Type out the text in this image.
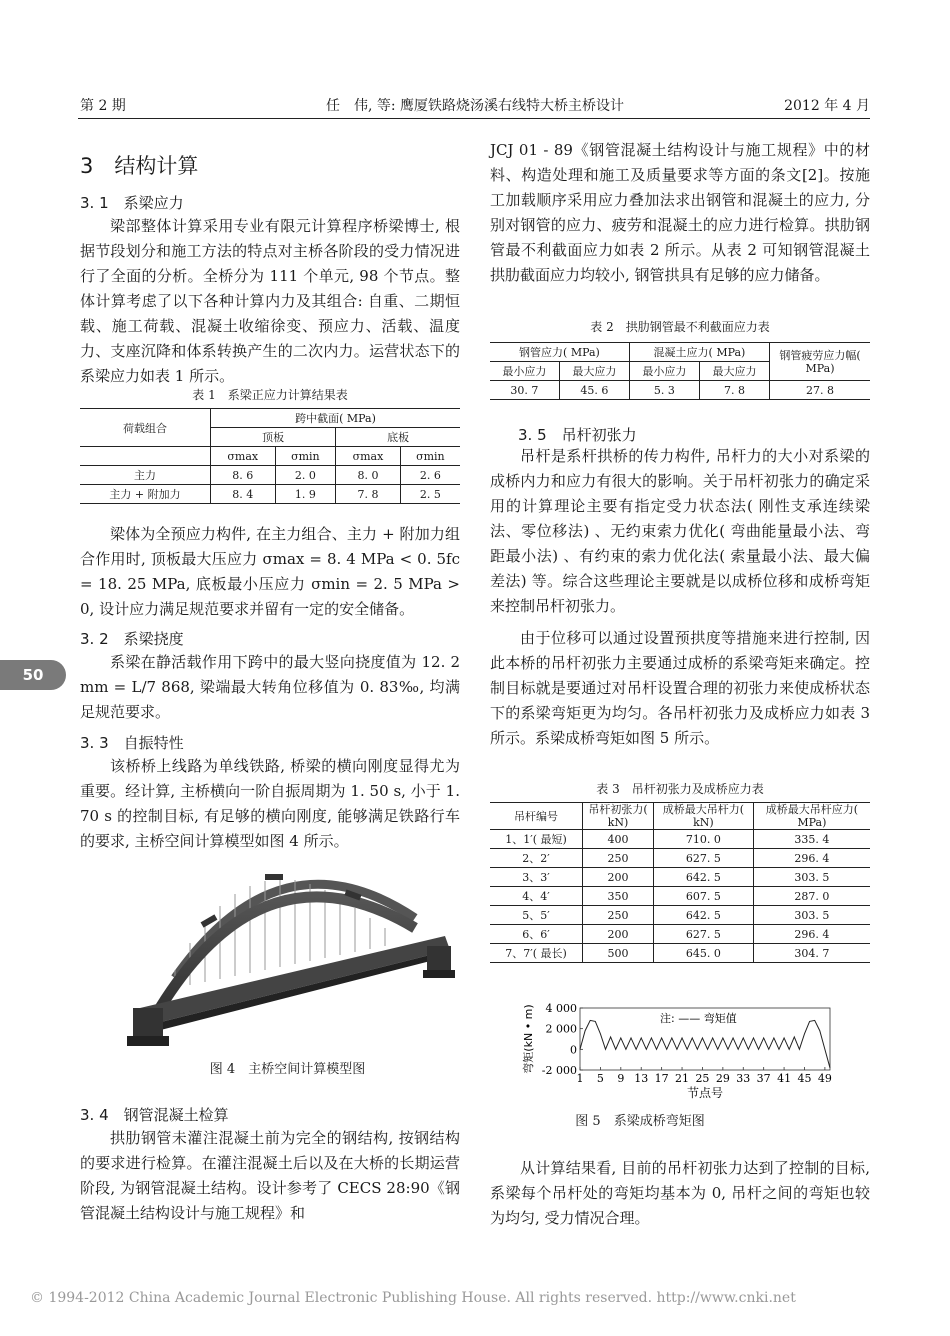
第 2 期	任　伟, 等: 鹰厦铁路烧汤溪右线特大桥主桥设计	2012 年 4 月
50
3　结构计算
3. 1　系梁应力
梁部整体计算采用专业有限元计算程序桥梁博士, 根据节段划分和施工方法的特点对主桥各阶段的受力情况进行了全面的分析。全桥分为 111 个单元, 98 个节点。整体计算考虑了以下各种计算内力及其组合: 自重、二期恒载、施工荷载、混凝土收缩徐变、预应力、活载、温度力、支座沉降和体系转换产生的二次内力。运营状态下的系梁应力如表 1 所示。
表 1　系梁正应力计算结果表
荷载组合	跨中截面( MPa)			
	顶板		底板	
	σmax	σmin	σmax	σmin
主力	8. 6	2. 0	8. 0	2. 6
主力 + 附加力	8. 4	1. 9	7. 8	2. 5
梁体为全预应力构件, 在主力组合、主力 + 附加力组合作用时, 顶板最大压应力 σmax = 8. 4 MPa < 0. 5fc = 18. 25 MPa, 底板最小压应力 σmin = 2. 5 MPa > 0, 设计应力满足规范要求并留有一定的安全储备。
3. 2　系梁挠度
系梁在静活载作用下跨中的最大竖向挠度值为 12. 2 mm = L/7 868, 梁端最大转角位移值为 0. 83‰, 均满足规范要求。
3. 3　自振特性
该桥桥上线路为单线铁路, 桥梁的横向刚度显得尤为重要。经计算, 主桥横向一阶自振周期为 1. 50 s, 小于 1. 70 s 的控制目标, 有足够的横向刚度, 能够满足铁路行车的要求, 主桥空间计算模型如图 4 所示。
图 4　主桥空间计算模型图
3. 4　钢管混凝土检算
拱肋钢管未灌注混凝土前为完全的钢结构, 按钢结构的要求进行检算。在灌注混凝土后以及在大桥的长期运营阶段, 为钢管混凝土结构。设计参考了 CECS 28:90《钢管混凝土结构设计与施工规程》和
JCJ 01 - 89《钢管混凝土结构设计与施工规程》中的材料、构造处理和施工及质量要求等方面的条文[2]。按施工加载顺序采用应力叠加法求出钢管和混凝土的应力, 分别对钢管的应力、疲劳和混凝土的应力进行检算。拱肋钢管最不利截面应力如表 2 所示。从表 2 可知钢管混凝土拱肋截面应力均较小, 钢管拱具有足够的应力储备。
表 2　拱肋钢管最不利截面应力表
钢管应力( MPa)		混凝土应力( MPa)		钢管疲劳应力幅( MPa)
最小应力	最大应力	最小应力	最大应力	
30. 7	45. 6	5. 3	7. 8	27. 8
3. 5　吊杆初张力
吊杆是系杆拱桥的传力构件, 吊杆力的大小对系梁的成桥内力和应力有很大的影响。关于吊杆初张力的确定采用的计算理论主要有指定受力状态法( 刚性支承连续梁法、零位移法) 、无约束索力优化( 弯曲能量最小法、弯距最小法) 、有约束的索力优化法( 索量最小法、最大偏差法) 等。综合这些理论主要就是以成桥位移和成桥弯矩来控制吊杆初张力。
由于位移可以通过设置预拱度等措施来进行控制, 因此本桥的吊杆初张力主要通过成桥的系梁弯矩来确定。控制目标就是要通过对吊杆设置合理的初张力来使成桥状态下的系梁弯矩更为均匀。各吊杆初张力及成桥应力如表 3 所示。系梁成桥弯矩如图 5 所示。
表 3　吊杆初张力及成桥应力表
吊杆编号	吊杆初张力( kN)	成桥最大吊杆力( kN)	成桥最大吊杆应力( MPa)
1、1′( 最短)	400	710. 0	335. 4
2、2′	250	627. 5	296. 4
3、3′	200	642. 5	303. 5
4、4′	350	607. 5	287. 0
5、5′	250	642. 5	303. 5
6、6′	200	627. 5	296. 4
7、7′( 最长)	500	645. 0	304. 7
4 000
2 000
0
-2 000
1 5 9 13 17 21 25 29 33 37 41 45 49
注: —— 弯矩值
节点号
弯矩(kN • m)
图 5　系梁成桥弯矩图
从计算结果看, 目前的吊杆初张力达到了控制的目标, 系梁每个吊杆处的弯矩均基本为 0, 吊杆之间的弯矩也较为均匀, 受力情况合理。
© 1994-2012 China Academic Journal Electronic Publishing House. All rights reserved. http://www.cnki.net
